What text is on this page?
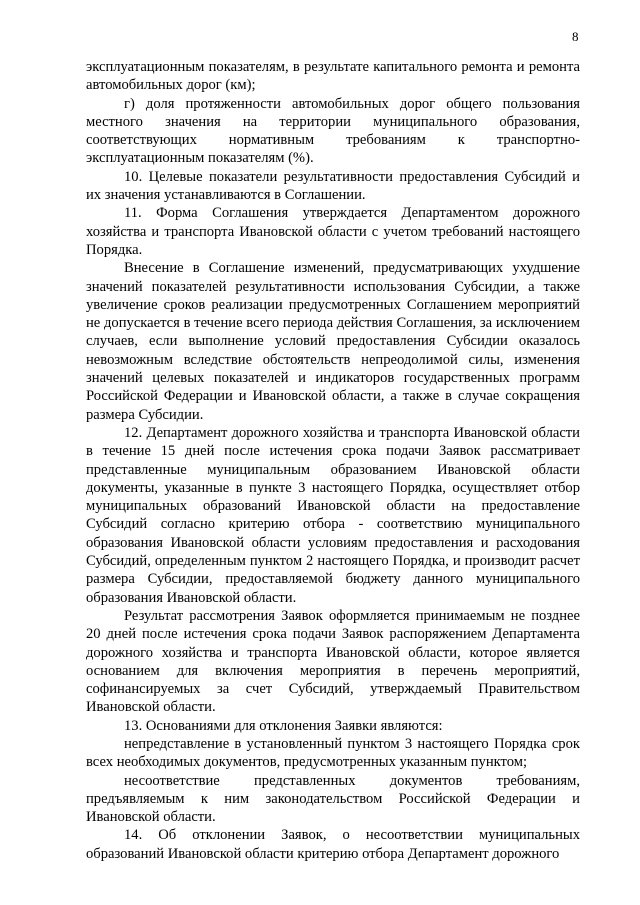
8

эксплуатационным показателям, в результате капитального ремонта и ремонта автомобильных дорог (км);

г) доля протяженности автомобильных дорог общего пользования местного значения на территории муниципального образования, соответствующих нормативным требованиям к транспортно-эксплуатационным показателям (%).

10. Целевые показатели результативности предоставления Субсидий и их значения устанавливаются в Соглашении.

11. Форма Соглашения утверждается Департаментом дорожного хозяйства и транспорта Ивановской области с учетом требований настоящего Порядка.

Внесение в Соглашение изменений, предусматривающих ухудшение значений показателей результативности использования Субсидии, а также увеличение сроков реализации предусмотренных Соглашением мероприятий не допускается в течение всего периода действия Соглашения, за исключением случаев, если выполнение условий предоставления Субсидии оказалось невозможным вследствие обстоятельств непреодолимой силы, изменения значений целевых показателей и индикаторов государственных программ Российской Федерации и Ивановской области, а также в случае сокращения размера Субсидии.

12. Департамент дорожного хозяйства и транспорта Ивановской области в течение 15 дней после истечения срока подачи Заявок рассматривает представленные муниципальным образованием Ивановской области документы, указанные в пункте 3 настоящего Порядка, осуществляет отбор муниципальных образований Ивановской области на предоставление Субсидий согласно критерию отбора - соответствию муниципального образования Ивановской области условиям предоставления и расходования Субсидий, определенным пунктом 2 настоящего Порядка, и производит расчет размера Субсидии, предоставляемой бюджету данного муниципального образования Ивановской области.

Результат рассмотрения Заявок оформляется принимаемым не позднее 20 дней после истечения срока подачи Заявок распоряжением Департамента дорожного хозяйства и транспорта Ивановской области, которое является основанием для включения мероприятия в перечень мероприятий, софинансируемых за счет Субсидий, утверждаемый Правительством Ивановской области.

13. Основаниями для отклонения Заявки являются:

непредставление в установленный пунктом 3 настоящего Порядка срок всех необходимых документов, предусмотренных указанным пунктом;

несоответствие представленных документов требованиям, предъявляемым к ним законодательством Российской Федерации и Ивановской области.

14. Об отклонении Заявок, о несоответствии муниципальных образований Ивановской области критерию отбора Департамент дорожного
